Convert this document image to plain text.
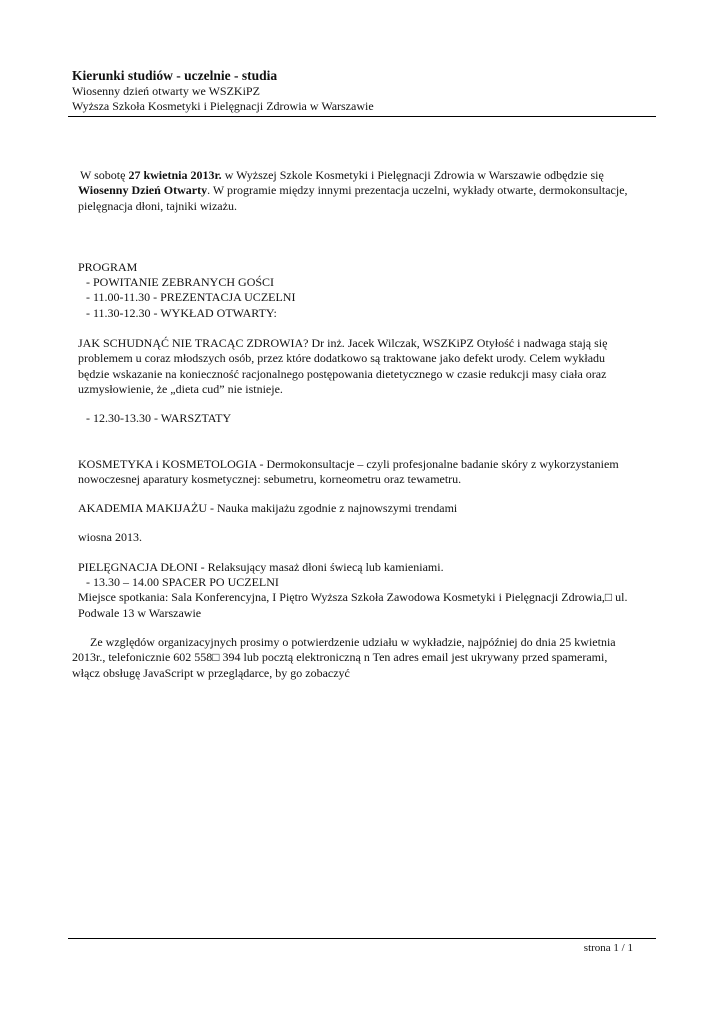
Kierunki studiów - uczelnie - studia
Wiosenny dzień otwarty we WSZKiPZ
Wyższa Szkoła Kosmetyki i Pielęgnacji Zdrowia w Warszawie

W sobotę 27 kwietnia 2013r. w Wyższej Szkole Kosmetyki i Pielęgnacji Zdrowia w Warszawie odbędzie się Wiosenny Dzień Otwarty. W programie między innymi prezentacja uczelni, wykłady otwarte, dermokonsultacje, pielęgnacja dłoni, tajniki wizażu.

PROGRAM

- POWITANIE ZEBRANYCH GOŚCI

- 11.00-11.30 - PREZENTACJA UCZELNI

- 11.30-12.30 - WYKŁAD OTWARTY:

JAK SCHUDNĄĆ NIE TRACĄC ZDROWIA? Dr inż. Jacek Wilczak, WSZKiPZ Otyłość i nadwaga stają się problemem u coraz młodszych osób, przez które dodatkowo są traktowane jako defekt urody. Celem wykładu będzie wskazanie na konieczność racjonalnego postępowania dietetycznego w czasie redukcji masy ciała oraz uzmysłowienie, że „dieta cud” nie istnieje.

- 12.30-13.30 - WARSZTATY

KOSMETYKA i KOSMETOLOGIA - Dermokonsultacje – czyli profesjonalne badanie skóry z wykorzystaniem nowoczesnej aparatury kosmetycznej: sebumetru, korneometru oraz tewametru.

AKADEMIA MAKIJAŻU - Nauka makijażu zgodnie z najnowszymi trendami

wiosna 2013.

PIELĘGNACJA DŁONI - Relaksujący masaż dłoni świecą lub kamieniami.

- 13.30 – 14.00 SPACER PO UCZELNI

Miejsce spotkania: Sala Konferencyjna, I Piętro Wyższa Szkoła Zawodowa Kosmetyki i Pielęgnacji Zdrowia,□ ul. Podwale 13 w Warszawie

Ze względów organizacyjnych prosimy o potwierdzenie udziału w wykładzie, najpóźniej do dnia 25 kwietnia 2013r., telefonicznie 602 558□ 394 lub pocztą elektroniczną n Ten adres email jest ukrywany przed spamerami, włącz obsługę JavaScript w przeglądarce, by go zobaczyć

strona 1 / 1
